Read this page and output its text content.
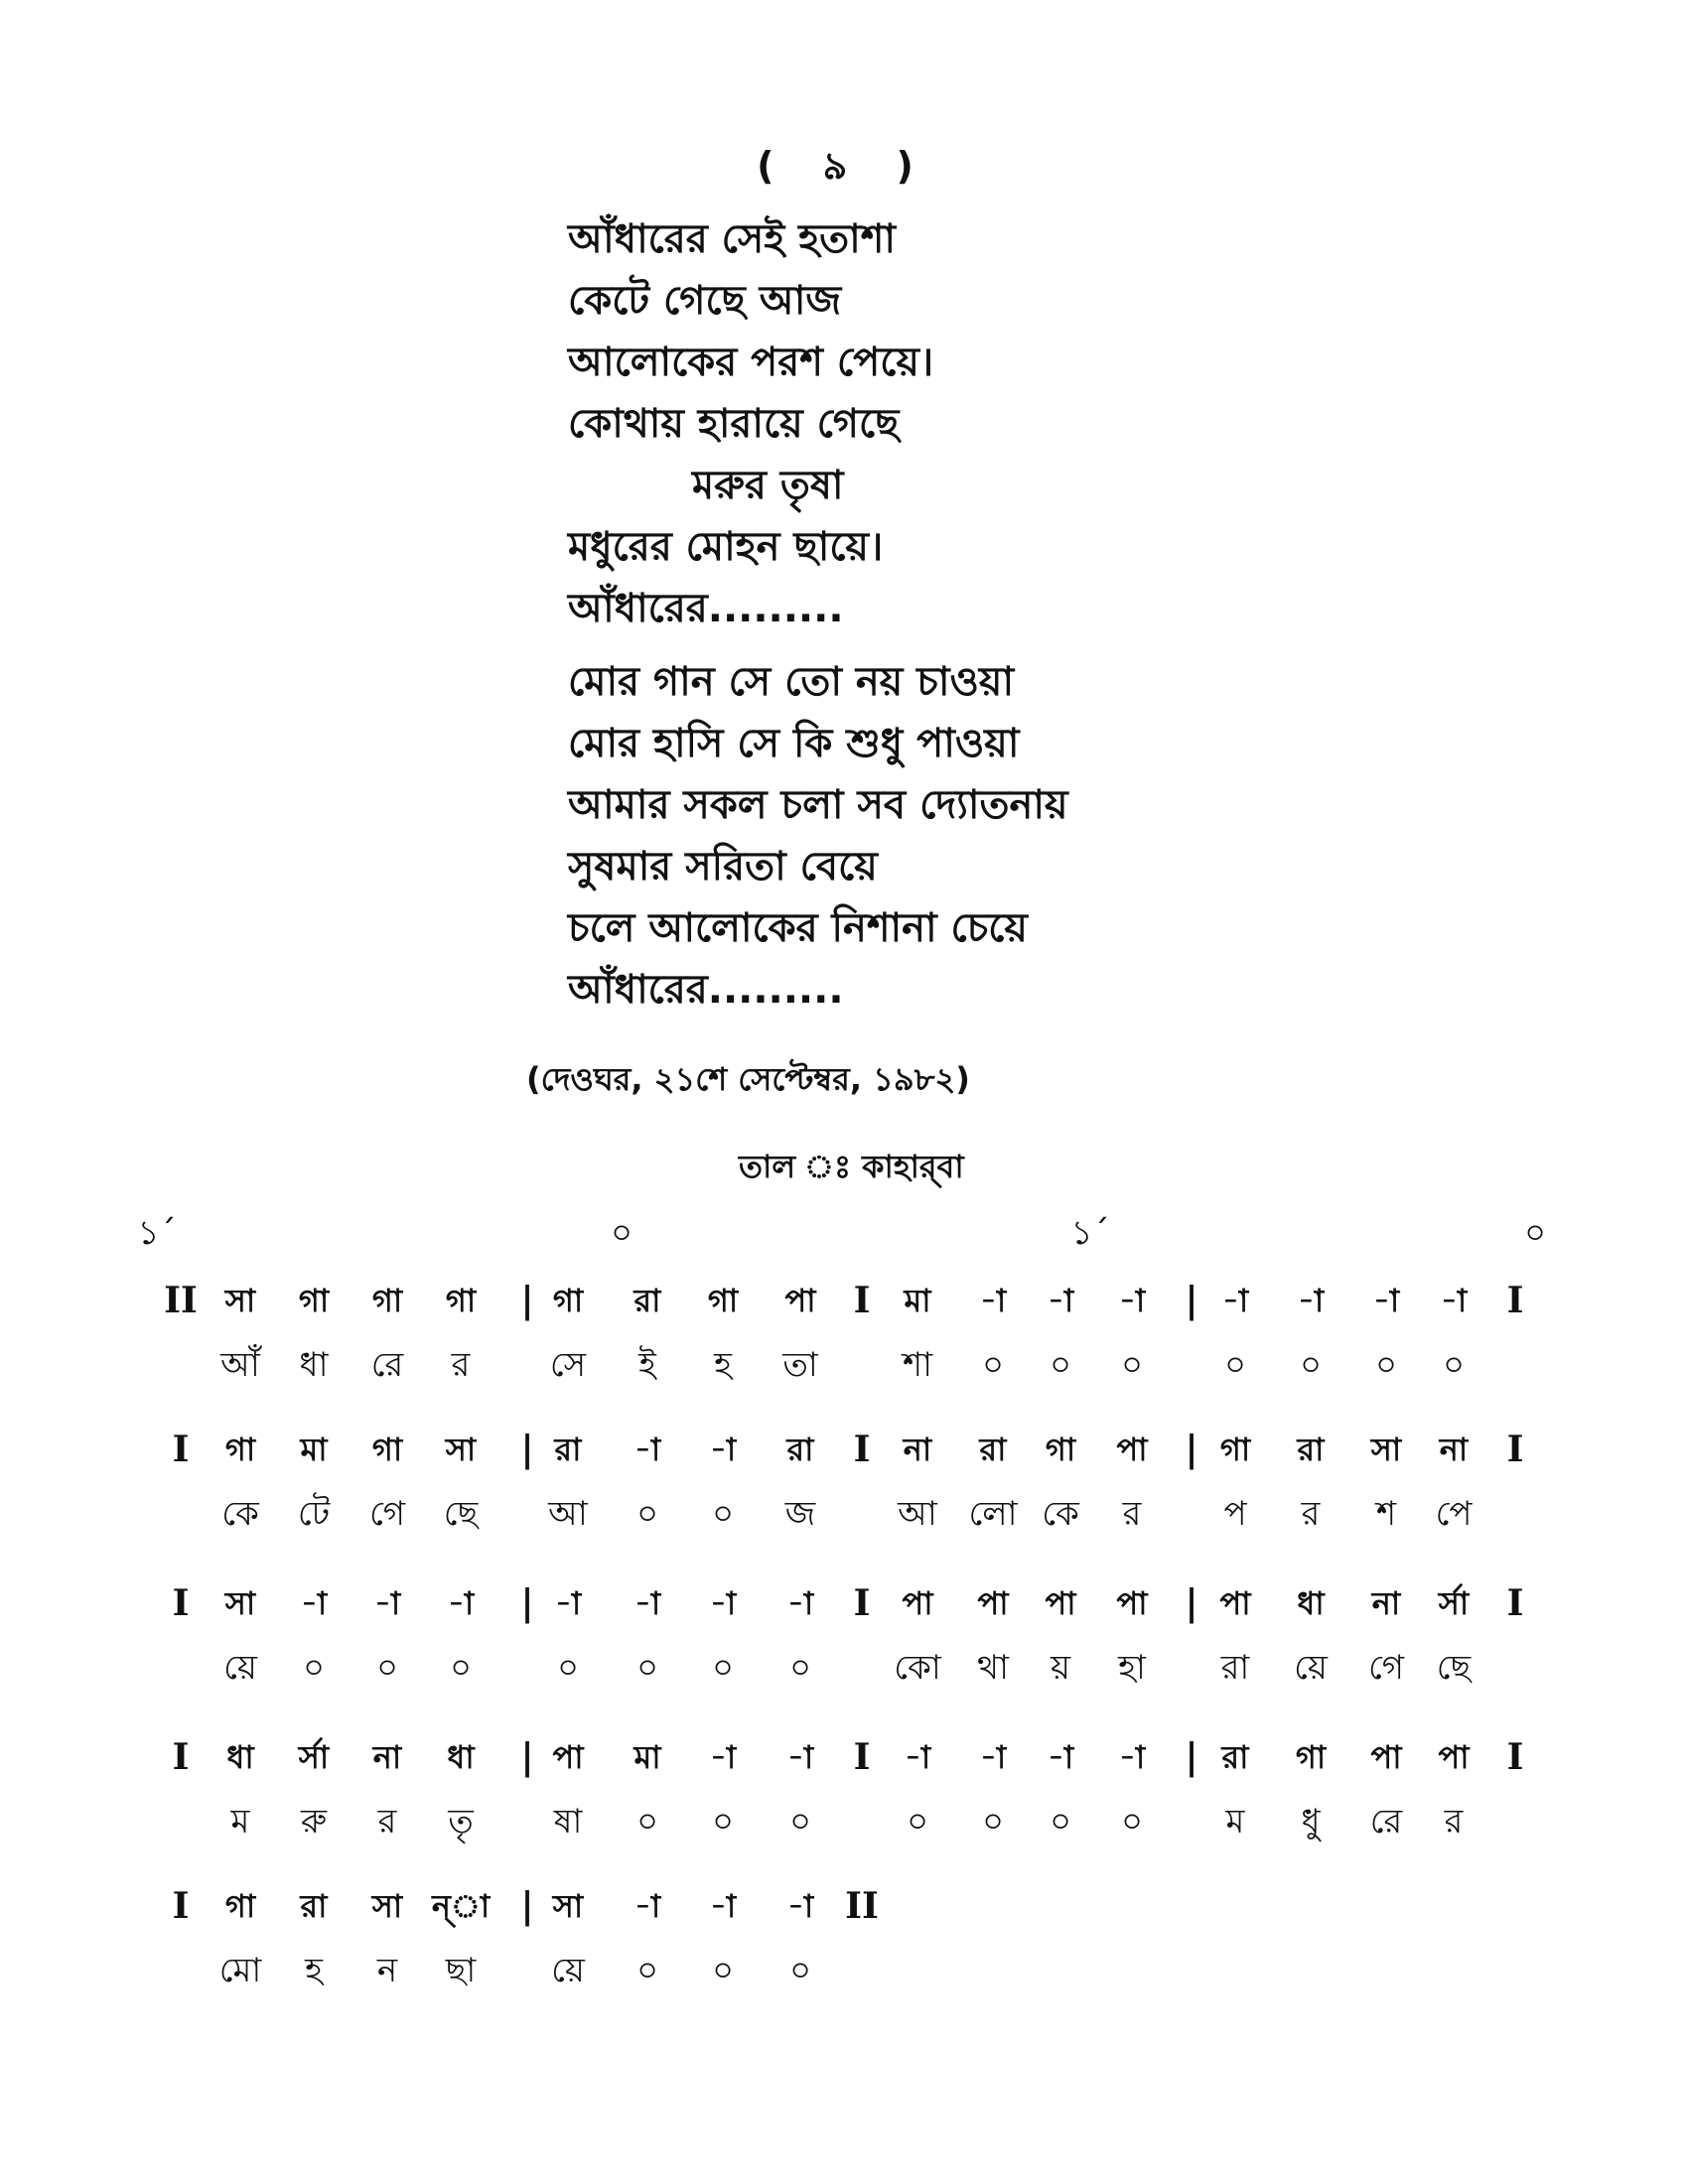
( ৯ )
আঁধারের সেই হতাশা
কেটে গেছে আজ
আলোকের পরশ পেয়ে।
কোথায় হারায়ে গেছে
মরুর তৃষা
মধুরের মোহন ছায়ে।
আঁধারের.........
মোর গান সে তো নয় চাওয়া
মোর হাসি সে কি শুধু পাওয়া
আমার সকল চলা সব দ্যোতনায়
সুষমার সরিতা বেয়ে
চলে আলোকের নিশানা চেয়ে
আঁধারের.........
(দেওঘর, ২১শে সেপ্টেম্বর, ১৯৮২)
তাল ঃ কাহার্‌বা
১´	০	১´	০
II সা গা গা গা | গা রা গা পা I মা -া -া -া | -া -া -া -া I
আঁ ধা রে র সে ই হ তা	শা ০ ০ ০ ০ ০ ০ ০
I গা মা গা সা | রা -া -া রা I না রা গা পা | গা রা সা না I
কে টে গে ছে আ ০ ০ জ আ লো কে র প র শ পে
I সা -া -া -া | -া -া -া -া I পা পা পা পা | পা ধা না র্সা I
য়ে ০ ০ ০	০ ০ ০ ০ কো থা য় হা রা য়ে গে ছে
I ধা র্সা না ধা | পা মা -া -া I -া -া -া -া | রা গা পা পা I
ম রু র তৃ ষা ০ ০ ০	০ ০ ০ ০ ম ধু রে র
I গা রা সা ন্‌া | সা -া -া -া II
মো হ ন ছা য়ে ০ ০ ০
